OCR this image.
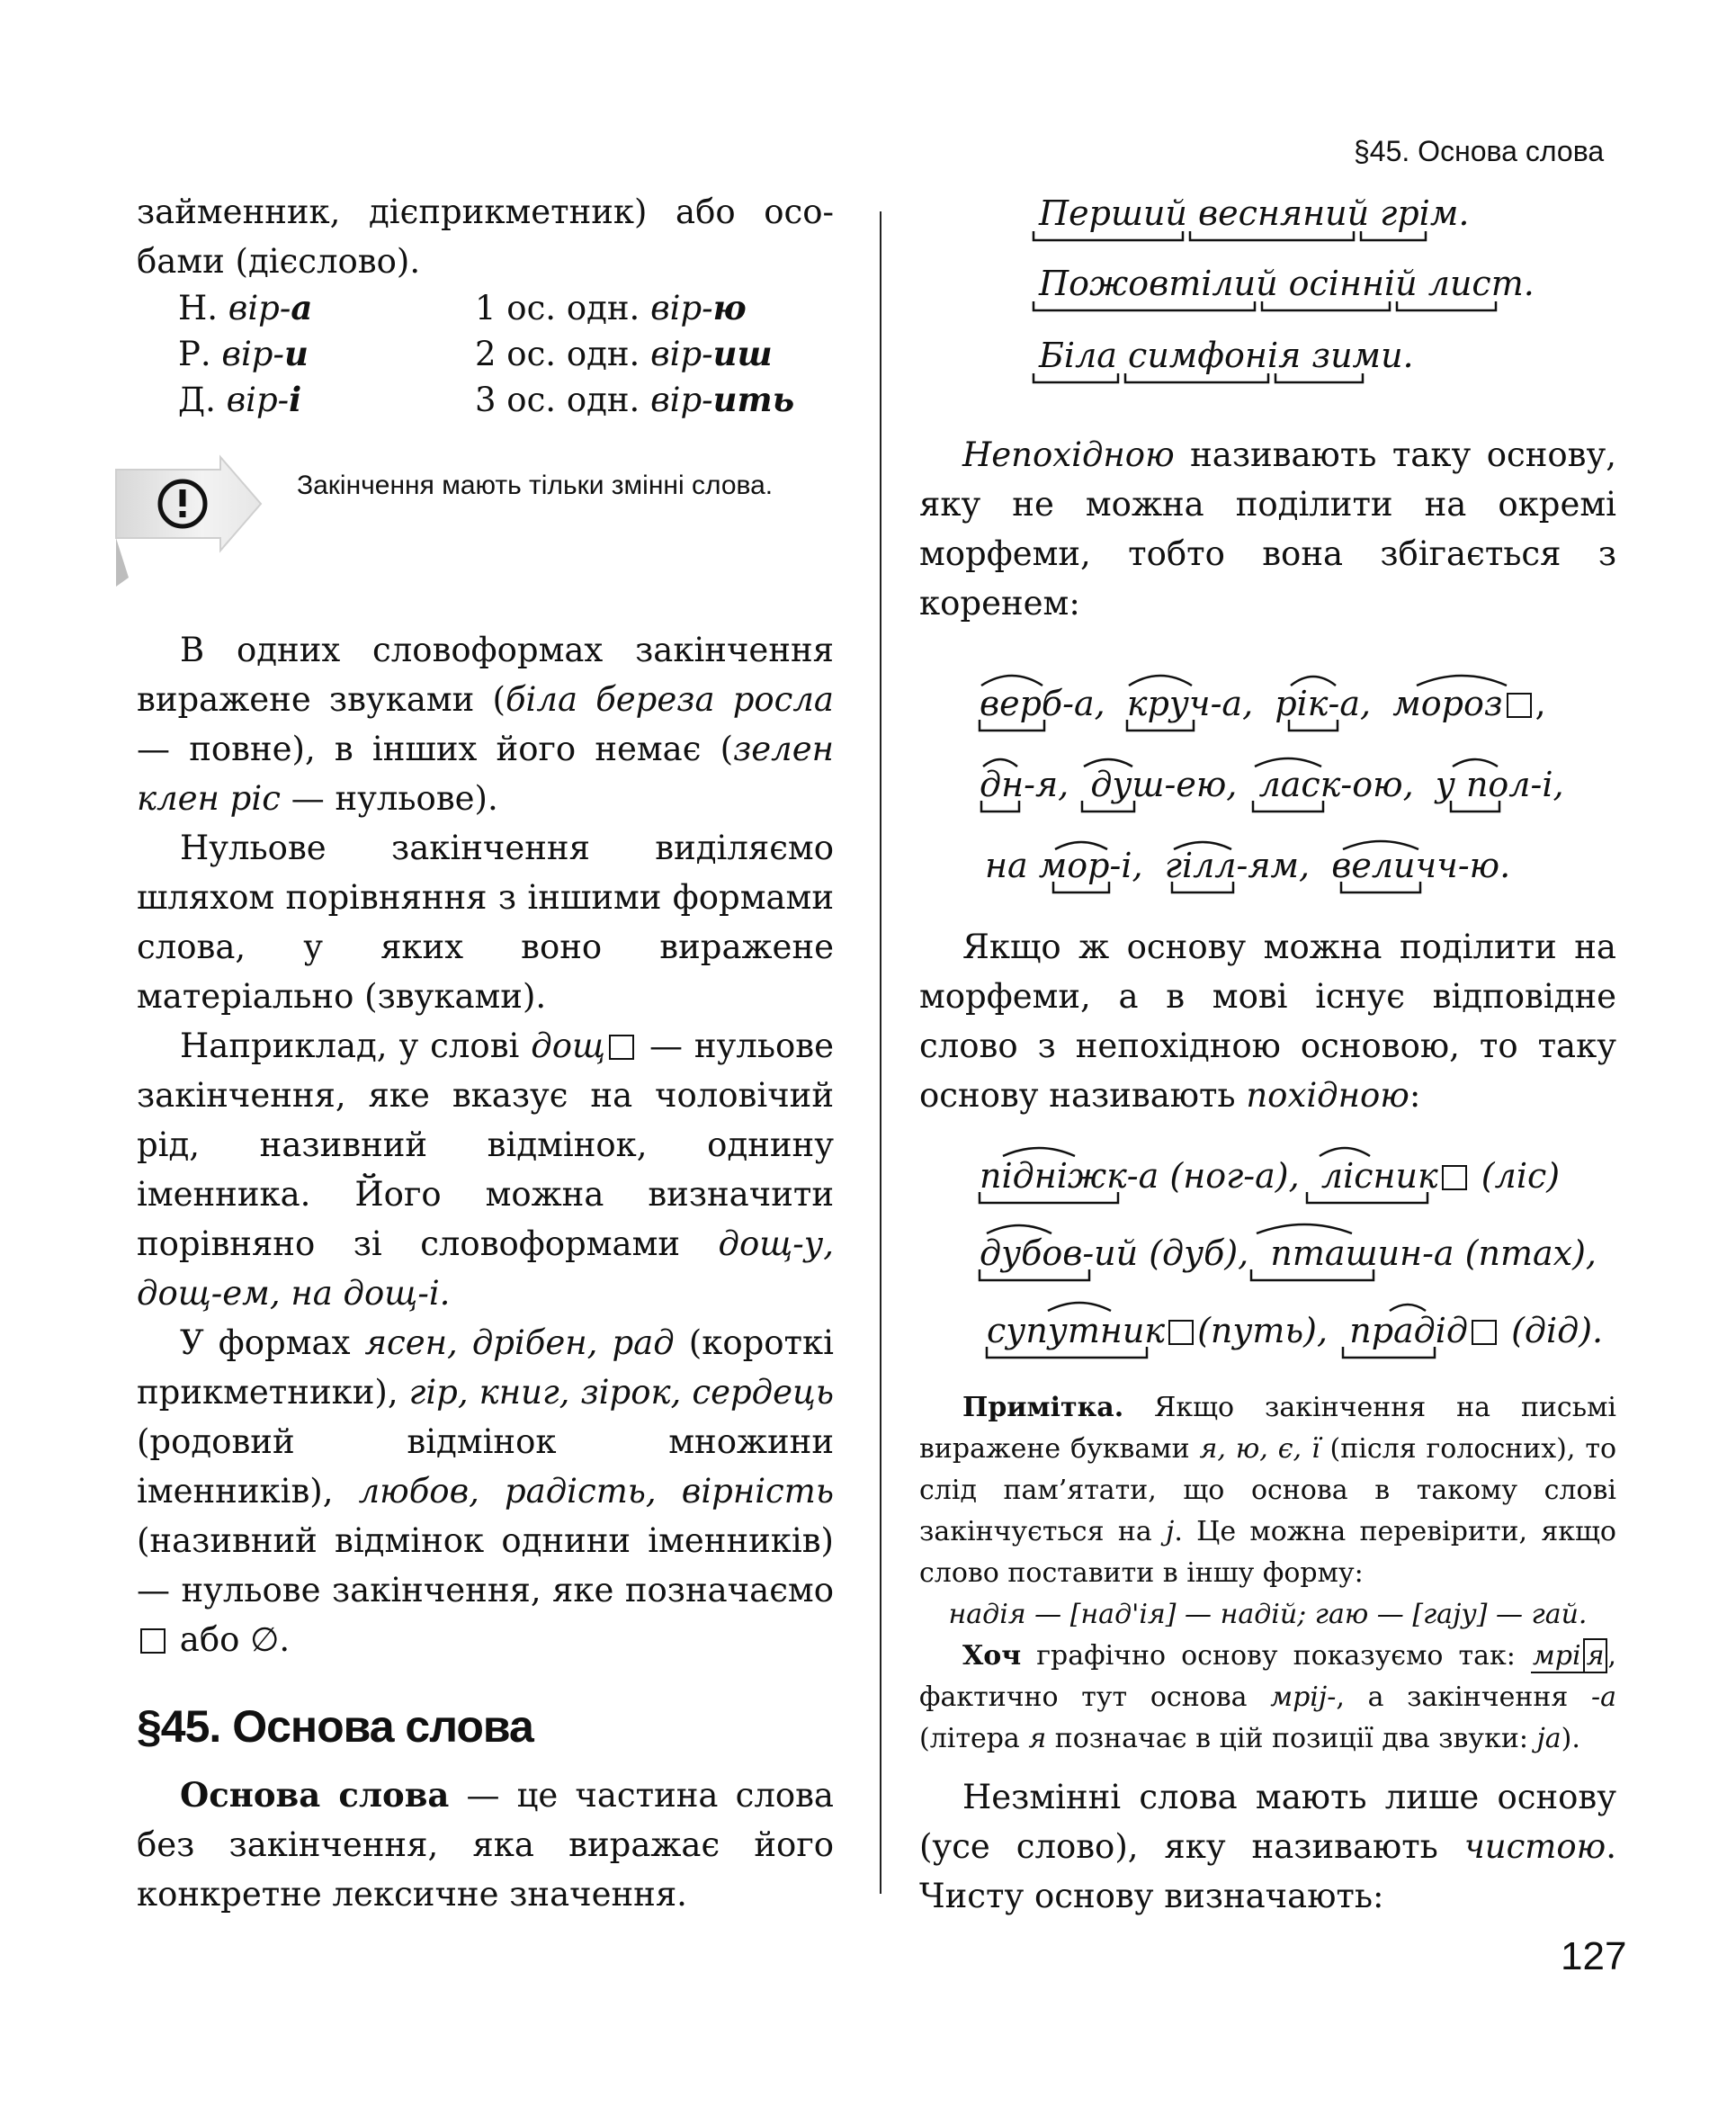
§45. Основа слова
127

займенник, дієприкметник) або осо-

бами (дієслово).

Н. вір-а	1 ос. одн. вір-ю
Р. вір-и	2 ос. одн. вір-иш
Д. вір-і	3 ос. одн. вір-ить
Закінчення мають тільки змінні слова.

В одних словоформах закінчення виражене звуками (біла береза росла — повне), в інших його немає (зелен клен ріс — нульове).

Нульове закінчення виділяємо шляхом порівняння з іншими формами слова, у яких воно виражене матеріально (звуками).

Наприклад, у слові дощ — нульове закінчення, яке вказує на чоловічий рід, називний відмінок, однину іменника. Його можна визначити порівняно зі словоформами дощ-у, дощ-ем, на дощ-і.

У формах ясен, дрібен, рад (короткі прикметники), гір, книг, зірок, сердець (родовий відмінок множини іменників), любов, радість, вірність (називний відмінок однини іменників) — нульове закінчення, яке позначаємо  або ∅.

§45. Основа слова

Основа слова — це частина слова без закінчення, яка виражає його конкретне лексичне значення.

Перший весняний грім.
Пожовтілий осінній лист.
Біла симфонія зими.

Непохідною називають таку основу, яку не можна поділити на окремі морфеми, тобто вона збігається з коренем:

верб-а,  круч-а,  рік-а,  мороз ,
дн-я,  душ-ею,  ласк-ою,  у пол-і,
на мор-і,  гілл-ям,  величч-ю.

Якщо ж основу можна поділити на морфеми, а в мові існує відповідне слово з непохідною основою, то таку основу називають похідною:

підніжк-а (ног-а),  лісник (ліс)
дубов-ий (дуб),  пташин-а (птах),
супутник (путь),  прадід (дід).

Примітка. Якщо закінчення на письмі виражене буквами я, ю, є, ї (після голосних), то слід пам’ятати, що основа в такому слові закінчується на j. Це можна перевірити, якщо слово поставити в іншу форму:

надія — [над'ія] — надій; гаю — [гају] — гай.

Хоч графічно основу показуємо так: мрі я , фактично тут основа мріj-, а закінчення -а (літера я позначає в цій позиції два звуки: jа).

Незмінні слова мають лише основу (усе слово), яку називають чистою. Чисту основу визначають:
